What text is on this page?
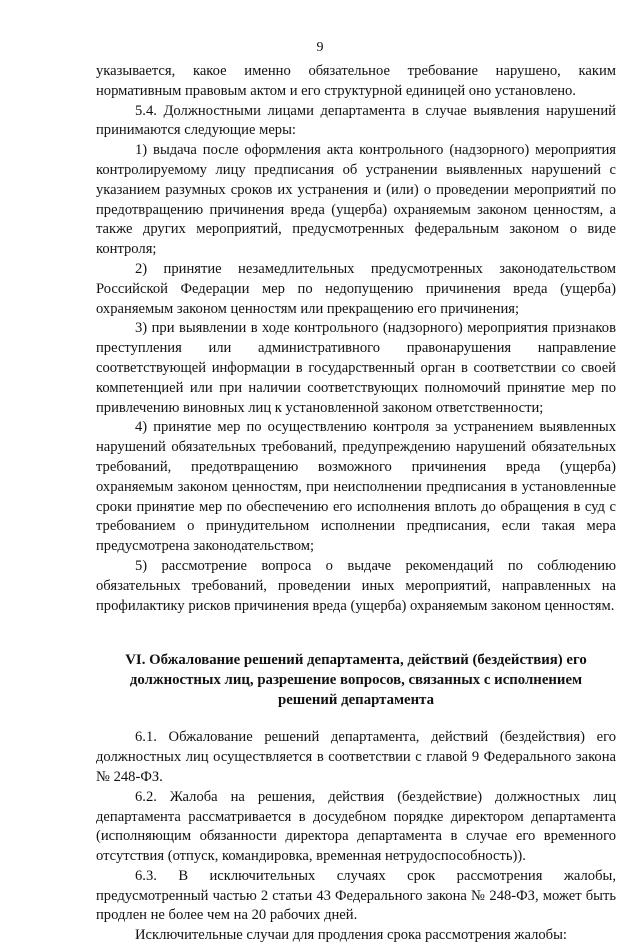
9

указывается, какое именно обязательное требование нарушено, каким нормативным правовым актом и его структурной единицей оно установлено.

5.4. Должностными лицами департамента в случае выявления нарушений принимаются следующие меры:

1) выдача после оформления акта контрольного (надзорного) мероприятия контролируемому лицу предписания об устранении выявленных нарушений с указанием разумных сроков их устранения и (или) о проведении мероприятий по предотвращению причинения вреда (ущерба) охраняемым законом ценностям, а также других мероприятий, предусмотренных федеральным законом о виде контроля;

2) принятие незамедлительных предусмотренных законодательством Российской Федерации мер по недопущению причинения вреда (ущерба) охраняемым законом ценностям или прекращению его причинения;

3) при выявлении в ходе контрольного (надзорного) мероприятия признаков преступления или административного правонарушения направление соответствующей информации в государственный орган в соответствии со своей компетенцией или при наличии соответствующих полномочий принятие мер по привлечению виновных лиц к установленной законом ответственности;

4) принятие мер по осуществлению контроля за устранением выявленных нарушений обязательных требований, предупреждению нарушений обязательных требований, предотвращению возможного причинения вреда (ущерба) охраняемым законом ценностям, при неисполнении предписания в установленные сроки принятие мер по обеспечению его исполнения вплоть до обращения в суд с требованием о принудительном исполнении предписания, если такая мера предусмотрена законодательством;

5) рассмотрение вопроса о выдаче рекомендаций по соблюдению обязательных требований, проведении иных мероприятий, направленных на профилактику рисков причинения вреда (ущерба) охраняемым законом ценностям.

VI. Обжалование решений департамента, действий (бездействия) его
должностных лиц, разрешение вопросов, связанных с исполнением
решений департамента

6.1. Обжалование решений департамента, действий (бездействия) его должностных лиц осуществляется в соответствии с главой 9 Федерального закона № 248-ФЗ.

6.2. Жалоба на решения, действия (бездействие) должностных лиц департамента рассматривается в досудебном порядке директором департамента (исполняющим обязанности директора департамента в случае его временного отсутствия (отпуск, командировка, временная нетрудоспособность)).

6.3. В исключительных случаях срок рассмотрения жалобы, предусмотренный частью 2 статьи 43 Федерального закона № 248-ФЗ, может быть продлен не более чем на 20 рабочих дней.

Исключительные случаи для продления срока рассмотрения жалобы:
